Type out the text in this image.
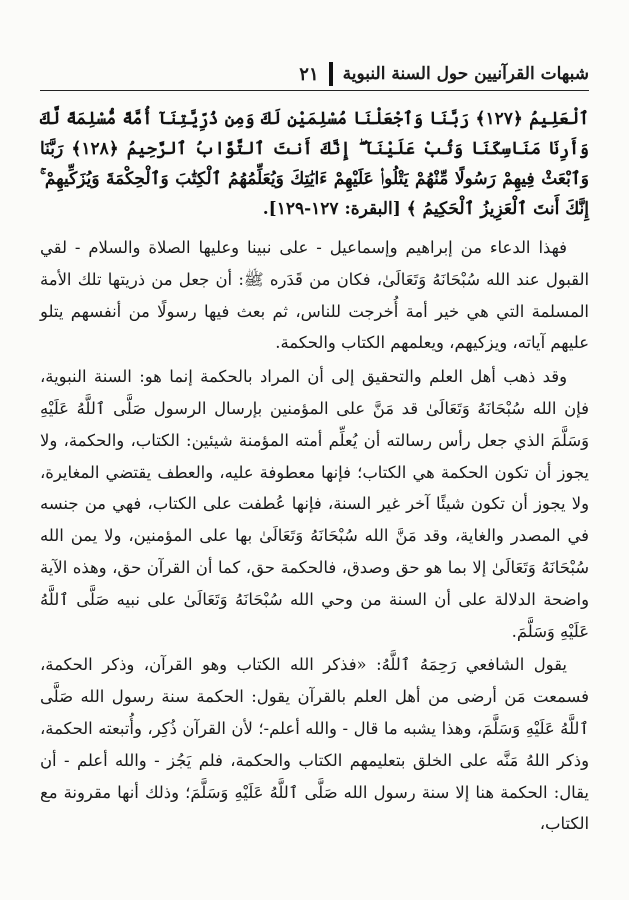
شبهات القرآنيين حول السنة النبوية
٢١
ٱلْعَلِيمُ ﴿١٢٧﴾ رَبَّنَا وَٱجْعَلْنَا مُسْلِمَيْنِ لَكَ وَمِن ذُرِّيَّتِنَآ أُمَّةً مُّسْلِمَةً لَّكَ وَأَرِنَا مَنَاسِكَنَا وَتُبْ عَلَيْنَآ ۖ إِنَّكَ أَنتَ ٱلتَّوَّابُ ٱلرَّحِيمُ ﴿١٢٨﴾ رَبَّنَا وَٱبْعَثْ فِيهِمْ رَسُولًا مِّنْهُمْ يَتْلُوا۟ عَلَيْهِمْ ءَايَٰتِكَ وَيُعَلِّمُهُمُ ٱلْكِتَٰبَ وَٱلْحِكْمَةَ وَيُزَكِّيهِمْ ۚ إِنَّكَ أَنتَ ٱلْعَزِيزُ ٱلْحَكِيمُ ﴾ [البقرة: ١٢٧-١٢٩].
فهذا الدعاء من إبراهيم وإسماعيل - على نبينا وعليها الصلاة والسلام - لقي القبول عند الله سُبْحَانَهُ وَتَعَالَىٰ، فكان من قَدَره ﷺ: أن جعل من ذريتها تلك الأمة المسلمة التي هي خير أمة أُخرجت للناس، ثم بعث فيها رسولًا من أنفسهم يتلو عليهم آياته، ويزكيهم، ويعلمهم الكتاب والحكمة.
وقد ذهب أهل العلم والتحقيق إلى أن المراد بالحكمة إنما هو: السنة النبوية، فإن الله سُبْحَانَهُ وَتَعَالَىٰ قد مَنَّ على المؤمنين بإرسال الرسول صَلَّى ٱللَّهُ عَلَيْهِ وَسَلَّمَ الذي جعل رأس رسالته أن يُعلِّم أمته المؤمنة شيئين: الكتاب، والحكمة، ولا يجوز أن تكون الحكمة هي الكتاب؛ فإنها معطوفة عليه، والعطف يقتضي المغايرة، ولا يجوز أن تكون شيئًا آخر غير السنة، فإنها عُطفت على الكتاب، فهي من جنسه في المصدر والغاية، وقد مَنَّ الله سُبْحَانَهُ وَتَعَالَىٰ بها على المؤمنين، ولا يمن الله سُبْحَانَهُ وَتَعَالَىٰ إلا بما هو حق وصدق، فالحكمة حق، كما أن القرآن حق، وهذه الآية واضحة الدلالة على أن السنة من وحي الله سُبْحَانَهُ وَتَعَالَىٰ على نبيه صَلَّى ٱللَّهُ عَلَيْهِ وَسَلَّمَ.
يقول الشافعي رَحِمَهُ ٱللَّهُ: «فذكر الله الكتاب وهو القرآن، وذكر الحكمة، فسمعت مَن أرضى من أهل العلم بالقرآن يقول: الحكمة سنة رسول الله صَلَّى ٱللَّهُ عَلَيْهِ وَسَلَّمَ، وهذا يشبه ما قال - والله أعلم-؛ لأن القرآن ذُكِر، وأُتبعته الحكمة، وذكر اللهُ مَنَّه على الخلق بتعليمهم الكتاب والحكمة، فلم يَجُز - والله أعلم - أن يقال: الحكمة هنا إلا سنة رسول الله صَلَّى ٱللَّهُ عَلَيْهِ وَسَلَّمَ؛ وذلك أنها مقرونة مع الكتاب،
